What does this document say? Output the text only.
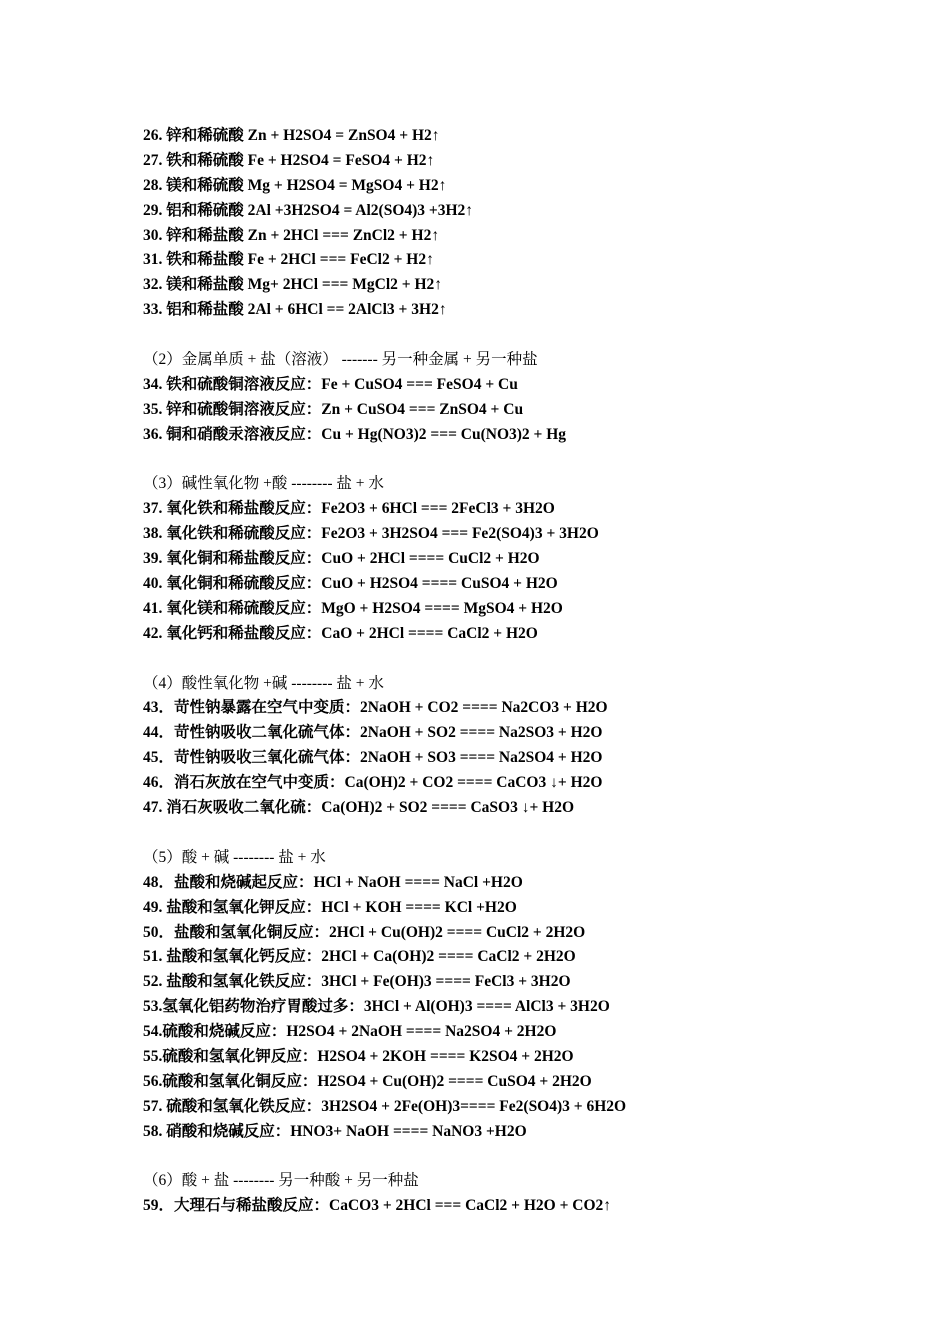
26. 锌和稀硫酸 Zn + H2SO4 = ZnSO4 + H2↑
27. 铁和稀硫酸 Fe + H2SO4 = FeSO4 + H2↑
28. 镁和稀硫酸 Mg + H2SO4 = MgSO4 + H2↑
29. 铝和稀硫酸 2Al +3H2SO4 = Al2(SO4)3 +3H2↑
30. 锌和稀盐酸 Zn + 2HCl === ZnCl2 + H2↑
31. 铁和稀盐酸 Fe + 2HCl === FeCl2 + H2↑
32. 镁和稀盐酸 Mg+ 2HCl === MgCl2 + H2↑
33. 铝和稀盐酸 2Al + 6HCl == 2AlCl3 + 3H2↑
（2）金属单质 + 盐（溶液） ------- 另一种金属 + 另一种盐
34. 铁和硫酸铜溶液反应：Fe + CuSO4 === FeSO4 + Cu
35. 锌和硫酸铜溶液反应：Zn + CuSO4 === ZnSO4 + Cu
36. 铜和硝酸汞溶液反应：Cu + Hg(NO3)2 === Cu(NO3)2 + Hg
（3）碱性氧化物 +酸 -------- 盐 + 水
37. 氧化铁和稀盐酸反应：Fe2O3 + 6HCl === 2FeCl3 + 3H2O
38. 氧化铁和稀硫酸反应：Fe2O3 + 3H2SO4 === Fe2(SO4)3 + 3H2O
39. 氧化铜和稀盐酸反应：CuO + 2HCl ==== CuCl2 + H2O
40. 氧化铜和稀硫酸反应：CuO + H2SO4 ==== CuSO4 + H2O
41. 氧化镁和稀硫酸反应：MgO + H2SO4 ==== MgSO4 + H2O
42. 氧化钙和稀盐酸反应：CaO + 2HCl ==== CaCl2 + H2O
（4）酸性氧化物 +碱 -------- 盐 + 水
43．苛性钠暴露在空气中变质：2NaOH + CO2 ==== Na2CO3 + H2O
44．苛性钠吸收二氧化硫气体：2NaOH + SO2 ==== Na2SO3 + H2O
45．苛性钠吸收三氧化硫气体：2NaOH + SO3 ==== Na2SO4 + H2O
46．消石灰放在空气中变质：Ca(OH)2 + CO2 ==== CaCO3 ↓+ H2O
47. 消石灰吸收二氧化硫：Ca(OH)2 + SO2 ==== CaSO3 ↓+ H2O
（5）酸 + 碱 -------- 盐 + 水
48．盐酸和烧碱起反应：HCl + NaOH ==== NaCl +H2O
49. 盐酸和氢氧化钾反应：HCl + KOH ==== KCl +H2O
50．盐酸和氢氧化铜反应：2HCl + Cu(OH)2 ==== CuCl2 + 2H2O
51. 盐酸和氢氧化钙反应：2HCl + Ca(OH)2 ==== CaCl2 + 2H2O
52. 盐酸和氢氧化铁反应：3HCl + Fe(OH)3 ==== FeCl3 + 3H2O
53.氢氧化铝药物治疗胃酸过多：3HCl + Al(OH)3 ==== AlCl3 + 3H2O
54.硫酸和烧碱反应：H2SO4 + 2NaOH ==== Na2SO4 + 2H2O
55.硫酸和氢氧化钾反应：H2SO4 + 2KOH ==== K2SO4 + 2H2O
56.硫酸和氢氧化铜反应：H2SO4 + Cu(OH)2 ==== CuSO4 + 2H2O
57. 硫酸和氢氧化铁反应：3H2SO4 + 2Fe(OH)3==== Fe2(SO4)3 + 6H2O
58. 硝酸和烧碱反应：HNO3+ NaOH ==== NaNO3 +H2O
（6）酸 + 盐 -------- 另一种酸 + 另一种盐
59．大理石与稀盐酸反应：CaCO3 + 2HCl === CaCl2 + H2O + CO2↑
